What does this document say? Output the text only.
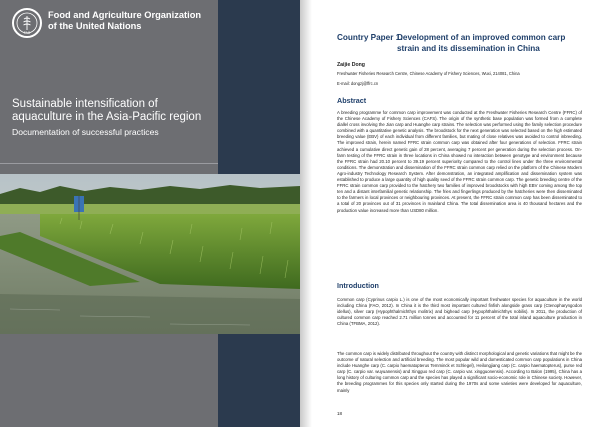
FAO
Food and Agriculture Organization of the United Nations
Sustainable intensification of aquaculture in the Asia-Pacific region
Documentation of successful practices
Country Paper 1:
Development of an improved common carp strain and its dissemination in China
Zaijie Dong
Freshwater Fisheries Research Centre, Chinese Academy of Fishery Sciences, Wuxi, 214081, China
E-mail: dongzj@ffrc.cn
Abstract
A breeding programme for common carp improvement was conducted at the Freshwater Fisheries Research Centre (FFRC) of the Chinese Academy of Fishery Sciences (CAFS). The origin of the synthetic base population was formed from a complete diallel cross involving the Jian carp and Huanghe carp strains. The selection was performed using the family selection procedure combined with a quantitative genetic analysis. The broodstock for the next generation was selected based on the high estimated breeding value (EBV) of each individual from different families, but mating of close relatives was avoided to control inbreeding. The improved strain, herein named FFRC strain common carp was obtained after four generations of selection. FFRC strain achieved a cumulative direct genetic gain of 28 percent, averaging 7 percent per generation during the selection process. On-farm testing of the FFRC strain in three locations in China showed no interaction between genotype and environment because the FFRC strain had 20.10 percent to 39.19 percent superiority compared to the control lines under the three environmental conditions. The demonstration and dissemination of the FFRC strain common carp relied on the platform of the Chinese Modern Agro-industry Technology Research System. After demonstration, an integrated amplification and dissemination system was established to produce a large quantity of high quality seed of the FFRC strain common carp. The genetic breeding centre of the FFRC strain common carp provided to the hatchery two families of improved broodstocks with high EBV coming among the top ten and a distant interfamilial genetic relationship. The fries and fingerlings produced by the hatcheries were then disseminated to the farmers in local provinces or neighbouring provinces. At present, the FFRC strain common carp has been disseminated to a total of 20 provinces out of 31 provinces in mainland China. The total dissemination area is 40 thousand hectares and the production value increased more than USD80 million.
Introduction
Common carp (Cyprinus carpio L.) is one of the most economically important freshwater species for aquaculture in the world including China (FAO, 2012). In China it is the third most important cultured finfish alongside grass carp (Ctenopharyngodon idellus), silver carp (Hypophthalmichthys molitrix) and bighead carp (Hypophthalmichthys nobilis). In 2011, the production of cultured common carp reached 2.71 million tonnes and accounted for 11 percent of the total inland aquaculture production in China (TFBMA, 2012).
The common carp is widely distributed throughout the country with distinct morphological and genetic variations that might be the outcome of natural selection and artificial breeding. The most popular wild and domesticated common carp populations in China include Huanghe carp (C. carpio haematopterus Temminck et Schlegel), Heilongjiang carp (C. carpio haematopterus), purse red carp (C. carpio var. wuyuanensis) and Xingguo red carp (C. carpio var. xingguonensis). According to Balon (1995), China has a long history of culturing common carp and the species has played a significant socio-economic role in Chinese society. However, the breeding programmes for this species only started during the 1970s and some varieties were developed for aquaculture, mainly
18
